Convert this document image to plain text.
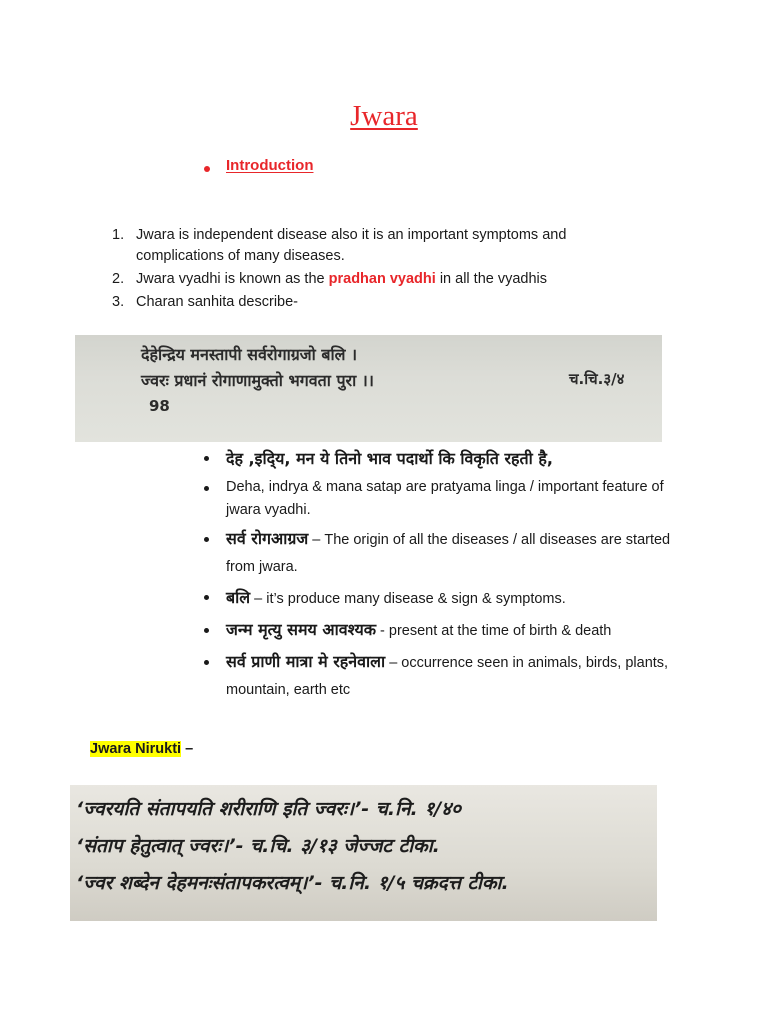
Jwara
Introduction
1. Jwara is independent disease also it is an important symptoms and complications of many diseases.
2. Jwara vyadhi is known as the pradhan vyadhi in all the vyadhis
3. Charan sanhita describe-
देहेन्द्रिय मनस्तापी सर्वरोगाग्रजो बलि ।
ज्वरः प्रधानं रोगाणामुक्तो भगवता पुरा ।।	च.चि.३/४
98
देह ,इदि्य, मन ये तिनो भाव पदार्थो कि विकृति रहती है,
Deha, indrya & mana satap are pratyama linga / important feature of jwara vyadhi.
सर्व रोगआग्रज – The origin of all the diseases / all diseases are started from jwara.
बलि – it’s produce many disease & sign & symptoms.
जन्म मृत्यु समय आवश्यक - present at the time of birth & death
सर्व प्राणी मात्रा मे रहनेवाला – occurrence seen in animals, birds, plants, mountain, earth etc
Jwara Nirukti –
‘ज्वरयति संतापयति शरीराणि इति ज्वरः।’- च.नि. १/४०
‘संताप हेतुत्वात् ज्वरः।’- च.चि. ३/१३ जेज्जट टीका.
‘ज्वर शब्देन देहमनःसंतापकरत्वम्।’- च.नि. १/५ चक्रदत्त टीका.
